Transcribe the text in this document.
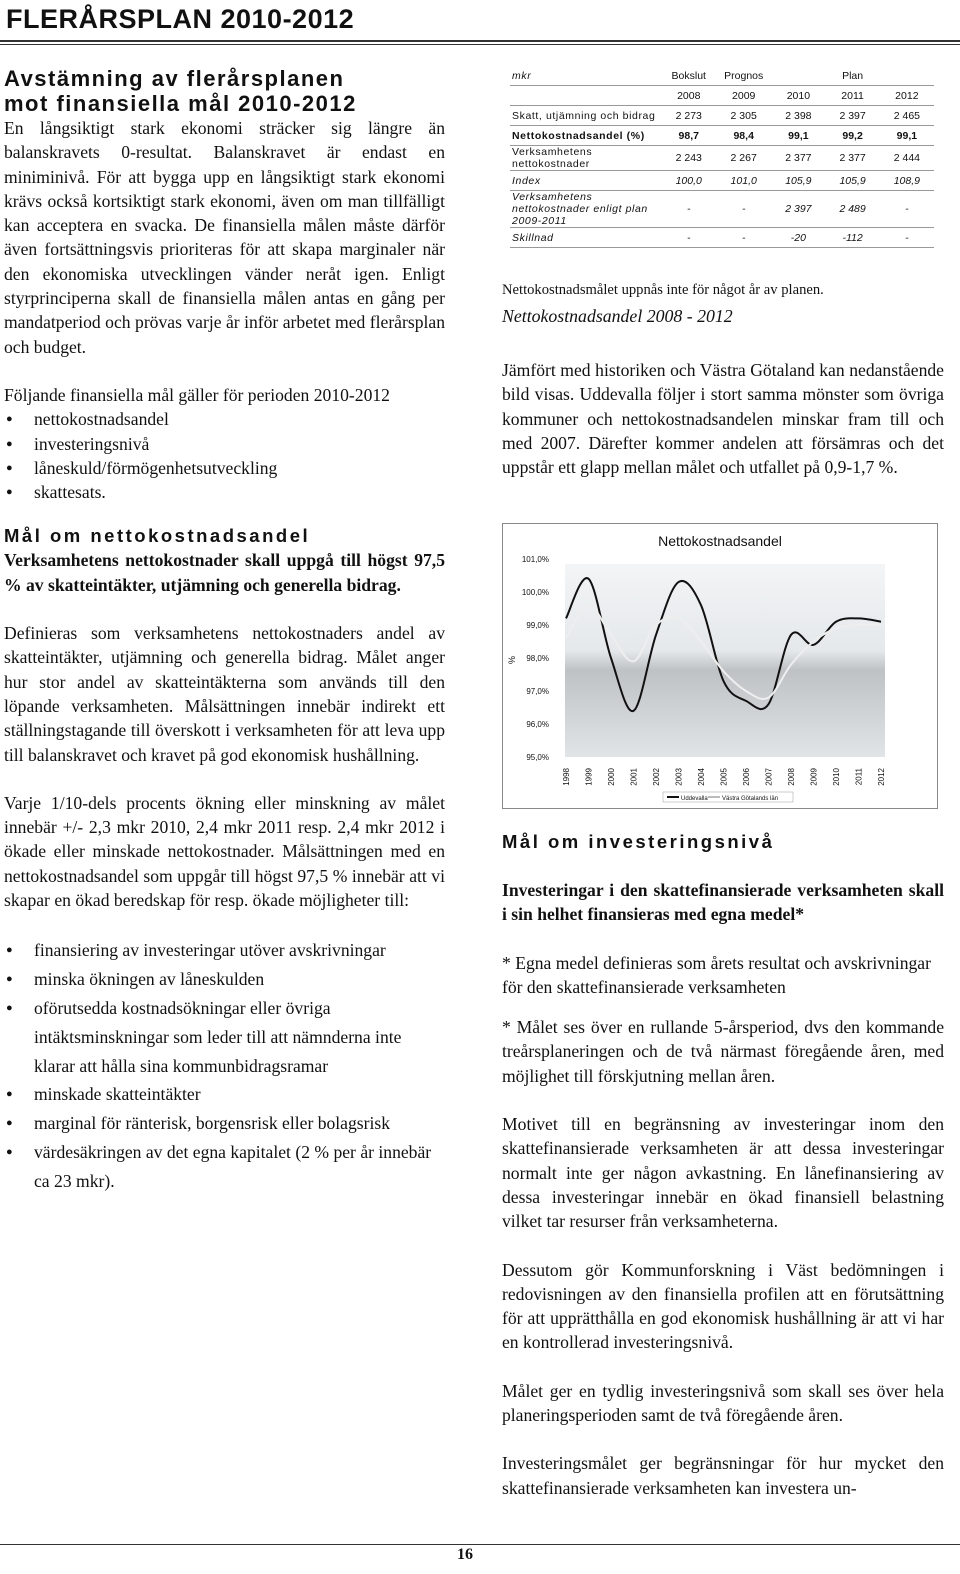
FLERÅRSPLAN 2010-2012
Avstämning av flerårsplanen
mot finansiella mål 2010-2012

En långsiktigt stark ekonomi sträcker sig längre än balanskravets 0-resultat. Balanskravet är endast en miniminivå. För att bygga upp en långsiktigt stark ekonomi krävs också kortsiktigt stark ekonomi, även om man tillfälligt kan acceptera en svacka. De finansiella målen måste därför även fortsättningsvis prioriteras för att skapa marginaler när den ekonomiska utvecklingen vänder neråt igen. Enligt styrprinciperna skall de finansiella målen antas en gång per mandatperiod och prövas varje år inför arbetet med flerårsplan och budget.

Följande finansiella mål gäller för perioden 2010-2012

● nettokostnadsandel
● investeringsnivå
● låneskuld/förmögenhetsutveckling
● skattesats.
Mål om nettokostnadsandel

Verksamhetens nettokostnader skall uppgå till högst 97,5 % av skatteintäkter, utjämning och generella bidrag.

Definieras som verksamhetens nettokostnaders andel av skatteintäkter, utjämning och generella bidrag. Målet anger hur stor andel av skatteintäkterna som används till den löpande verksamheten. Målsättningen innebär indirekt ett ställningstagande till överskott i verksamheten för att leva upp till balanskravet och kravet på god ekonomisk hushållning.

Varje 1/10-dels procents ökning eller minskning av målet innebär +/- 2,3 mkr 2010, 2,4 mkr 2011 resp. 2,4 mkr 2012 i ökade eller minskade nettokostnader. Målsättningen med en nettokostnadsandel som uppgår till högst 97,5 % innebär att vi skapar en ökad beredskap för resp. ökade möjligheter till:

● finansiering av investeringar utöver avskrivningar
● minska ökningen av låneskulden
● oförutsedda kostnadsökningar eller övriga intäktsminskningar som leder till att nämnderna inte klarar att hålla sina kommunbidragsramar
● minskade skatteintäkter
● marginal för ränterisk, borgensrisk eller bolagsrisk
● värdesäkringen av det egna kapitalet (2 % per år innebär ca 23 mkr).
mkr	Bokslut	Prognos		Plan	
	2008	2009	2010	2011	2012
Skatt, utjämning och bidrag	2 273	2 305	2 398	2 397	2 465
Nettokostnadsandel (%)	98,7	98,4	99,1	99,2	99,1
Verksamhetens nettokostnader	2 243	2 267	2 377	2 377	2 444
Index	100,0	101,0	105,9	105,9	108,9
Verksamhetens nettokostnader enligt plan 2009-2011	-	-	2 397	2 489	-
Skillnad	-	-	-20	-112	-
Nettokostnadsmålet uppnås inte för något år av planen.
Nettokostnadsandel 2008 - 2012

Jämfört med historiken och Västra Götaland kan nedanstående bild visas. Uddevalla följer i stort samma mönster som övriga kommuner och nettokostnadsandelen minskar fram till och med 2007. Därefter kommer andelen att försämras och det uppstår ett glapp mellan målet och utfallet på 0,9-1,7 %.

Nettokostnadsandel
%
101,0%
100,0%
99,0%
98,0%
97,0%
96,0%
95,0%
1998 1999 2000 2001 2002 2003 2004 2005 2006 2007 2008 2009 2010 2011 2012
Uddevalla Västra Götalands län
Mål om investeringsnivå

Investeringar i den skattefinansierade verksamheten skall i sin helhet finansieras med egna medel*

* Egna medel definieras som årets resultat och avskrivningar för den skattefinansierade verksamheten

* Målet ses över en rullande 5-årsperiod, dvs den kommande treårsplaneringen och de två närmast föregående åren, med möjlighet till förskjutning mellan åren.

Motivet till en begränsning av investeringar inom den skattefinansierade verksamheten är att dessa investeringar normalt inte ger någon avkastning. En lånefinansiering av dessa investeringar innebär en ökad finansiell belastning vilket tar resurser från verksamheterna.

Dessutom gör Kommunforskning i Väst bedömningen i redovisningen av den finansiella profilen att en förutsättning för att upprätthålla en god ekonomisk hushållning är att vi har en kontrollerad investeringsnivå.

Målet ger en tydlig investeringsnivå som skall ses över hela planeringsperioden samt de två föregående åren.

Investeringsmålet ger begränsningar för hur mycket den skattefinansierade verksamheten kan investera un-

16
